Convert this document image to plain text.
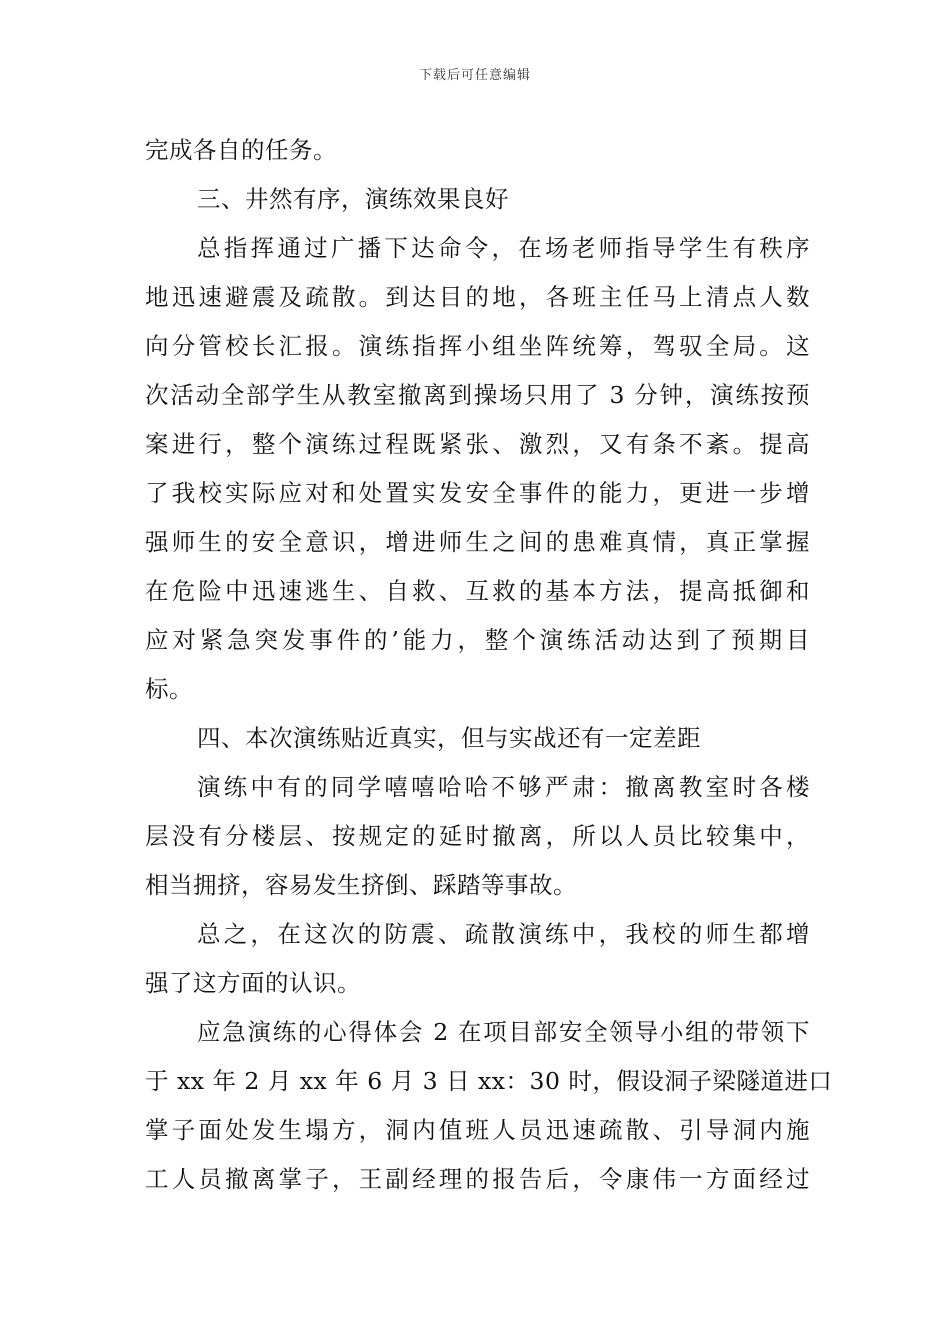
下载后可任意编辑
完成各自的任务。
三、井然有序，演练效果良好
总指挥通过广播下达命令，在场老师指导学生有秩序
地迅速避震及疏散。到达目的地，各班主任马上清点人数
向分管校长汇报。演练指挥小组坐阵统筹，驾驭全局。这
次活动全部学生从教室撤离到操场只用了 3 分钟，演练按预
案进行，整个演练过程既紧张、激烈，又有条不紊。提高
了我校实际应对和处置实发安全事件的能力，更进一步增
强师生的安全意识，增进师生之间的患难真情，真正掌握
在危险中迅速逃生、自救、互救的基本方法，提高抵御和
应对紧急突发事件的’能力，整个演练活动达到了预期目
标。
四、本次演练贴近真实，但与实战还有一定差距
演练中有的同学嘻嘻哈哈不够严肃：撤离教室时各楼
层没有分楼层、按规定的延时撤离，所以人员比较集中，
相当拥挤，容易发生挤倒、踩踏等事故。
总之，在这次的防震、疏散演练中，我校的师生都增
强了这方面的认识。
应急演练的心得体会 2 在项目部安全领导小组的带领下
于 xx 年 2 月 xx 年 6 月 3 日 xx：30 时，假设洞子梁隧道进口
掌子面处发生塌方，洞内值班人员迅速疏散、引导洞内施
工人员撤离掌子，王副经理的报告后，令康伟一方面经过
